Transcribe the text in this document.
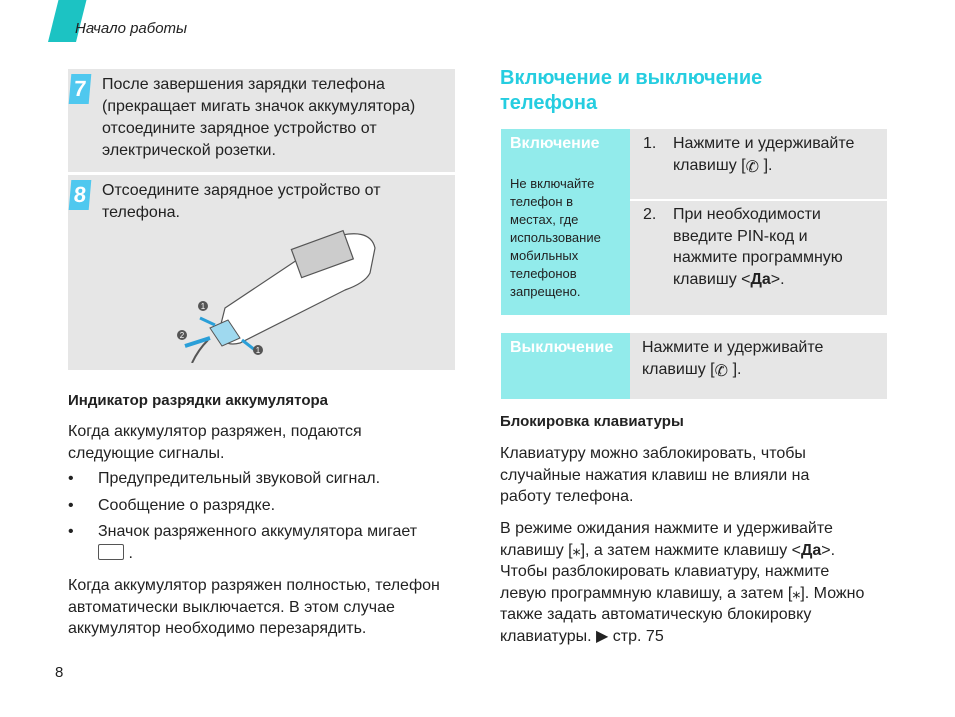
Начало работы
7 После завершения зарядки телефона (прекращает мигать значок аккумулятора) отсоедините зарядное устройство от электрической розетки.
8 Отсоедините зарядное устройство от телефона.
1
2
1
Индикатор разрядки аккумулятора
Когда аккумулятор разряжен, подаются следующие сигналы.
• Предупредительный звуковой сигнал.
• Сообщение о разрядке.
• Значок разряженного аккумулятора мигает
.
Когда аккумулятор разряжен полностью, телефон автоматически выключается. В этом случае аккумулятор необходимо перезарядить.
Включение и выключение телефона
Включение
Не включайте телефон в местах, где использование мобильных телефонов запрещено.
1. Нажмите и удерживайте клавишу [✆ ].
2. При необходимости введите PIN-код и нажмите программную клавишу <Да>.
Выключение Нажмите и удерживайте клавишу [✆ ].
Блокировка клавиатуры
Клавиатуру можно заблокировать, чтобы случайные нажатия клавиш не влияли на работу телефона.
В режиме ожидания нажмите и удерживайте клавишу [⁎], а затем нажмите клавишу <Да>. Чтобы разблокировать клавиатуру, нажмите левую программную клавишу, а затем [⁎]. Можно также задать автоматическую блокировку клавиатуры. ▶ стр. 75
8
